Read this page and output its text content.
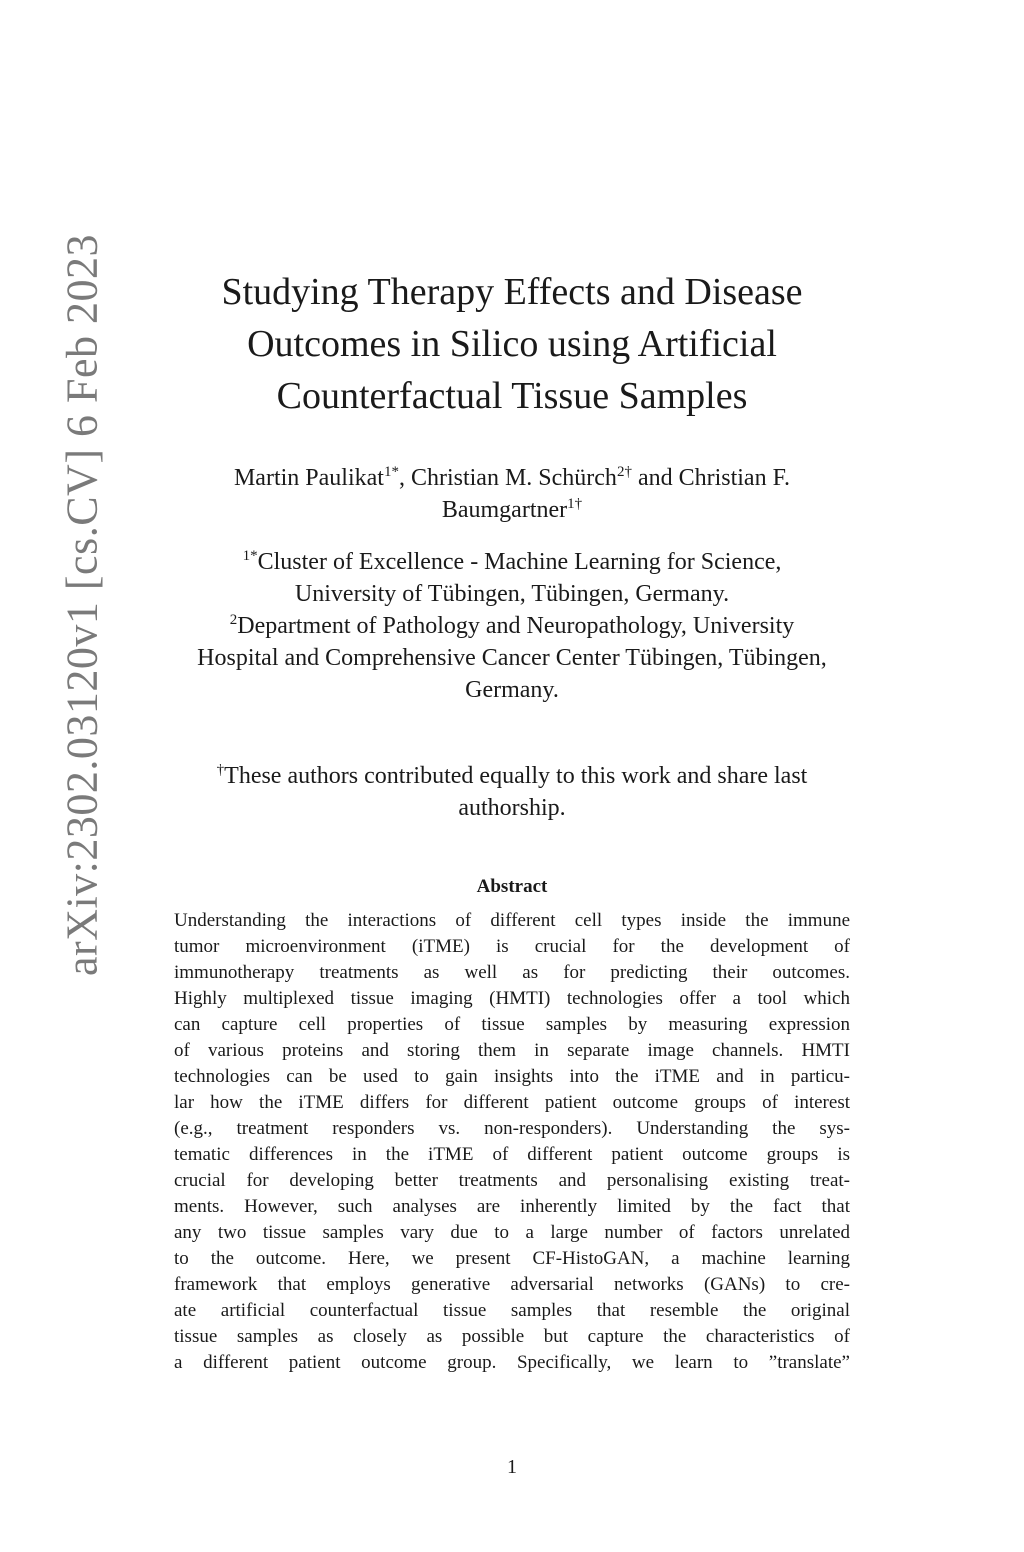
arXiv:2302.03120v1 [cs.CV] 6 Feb 2023	Studying Therapy Effects and Disease
Outcomes in Silico using Artificial
Counterfactual Tissue Samples
Martin Paulikat$^{1*}$, Christian M. Schürch$^{2\dagger}$ and Christian F.
Baumgartner$^{1\dagger}$
$^{1*}$Cluster of Excellence - Machine Learning for Science,
University of Tübingen, Tübingen, Germany.
$^2$Department of Pathology and Neuropathology, University
Hospital and Comprehensive Cancer Center Tübingen, Tübingen,
Germany.
†These authors contributed equally to this work and share last
authorship.
Abstract
Understanding the interactions of different cell types inside the immune
tumor microenvironment (iTME) is crucial for the development of
immunotherapy treatments as well as for predicting their outcomes.
Highly multiplexed tissue imaging (HMTI) technologies offer a tool which
can capture cell properties of tissue samples by measuring expression
of various proteins and storing them in separate image channels. HMTI
technologies can be used to gain insights into the iTME and in particu-
lar how the iTME differs for different patient outcome groups of interest
(e.g., treatment responders vs. non-responders). Understanding the sys-
tematic differences in the iTME of different patient outcome groups is
crucial for developing better treatments and personalising existing treat-
ments. However, such analyses are inherently limited by the fact that
any two tissue samples vary due to a large number of factors unrelated
to the outcome. Here, we present CF-HistoGAN, a machine learning
framework that employs generative adversarial networks (GANs) to cre-
ate artificial counterfactual tissue samples that resemble the original
tissue samples as closely as possible but capture the characteristics of
a different patient outcome group. Specifically, we learn to ”translate”
1
